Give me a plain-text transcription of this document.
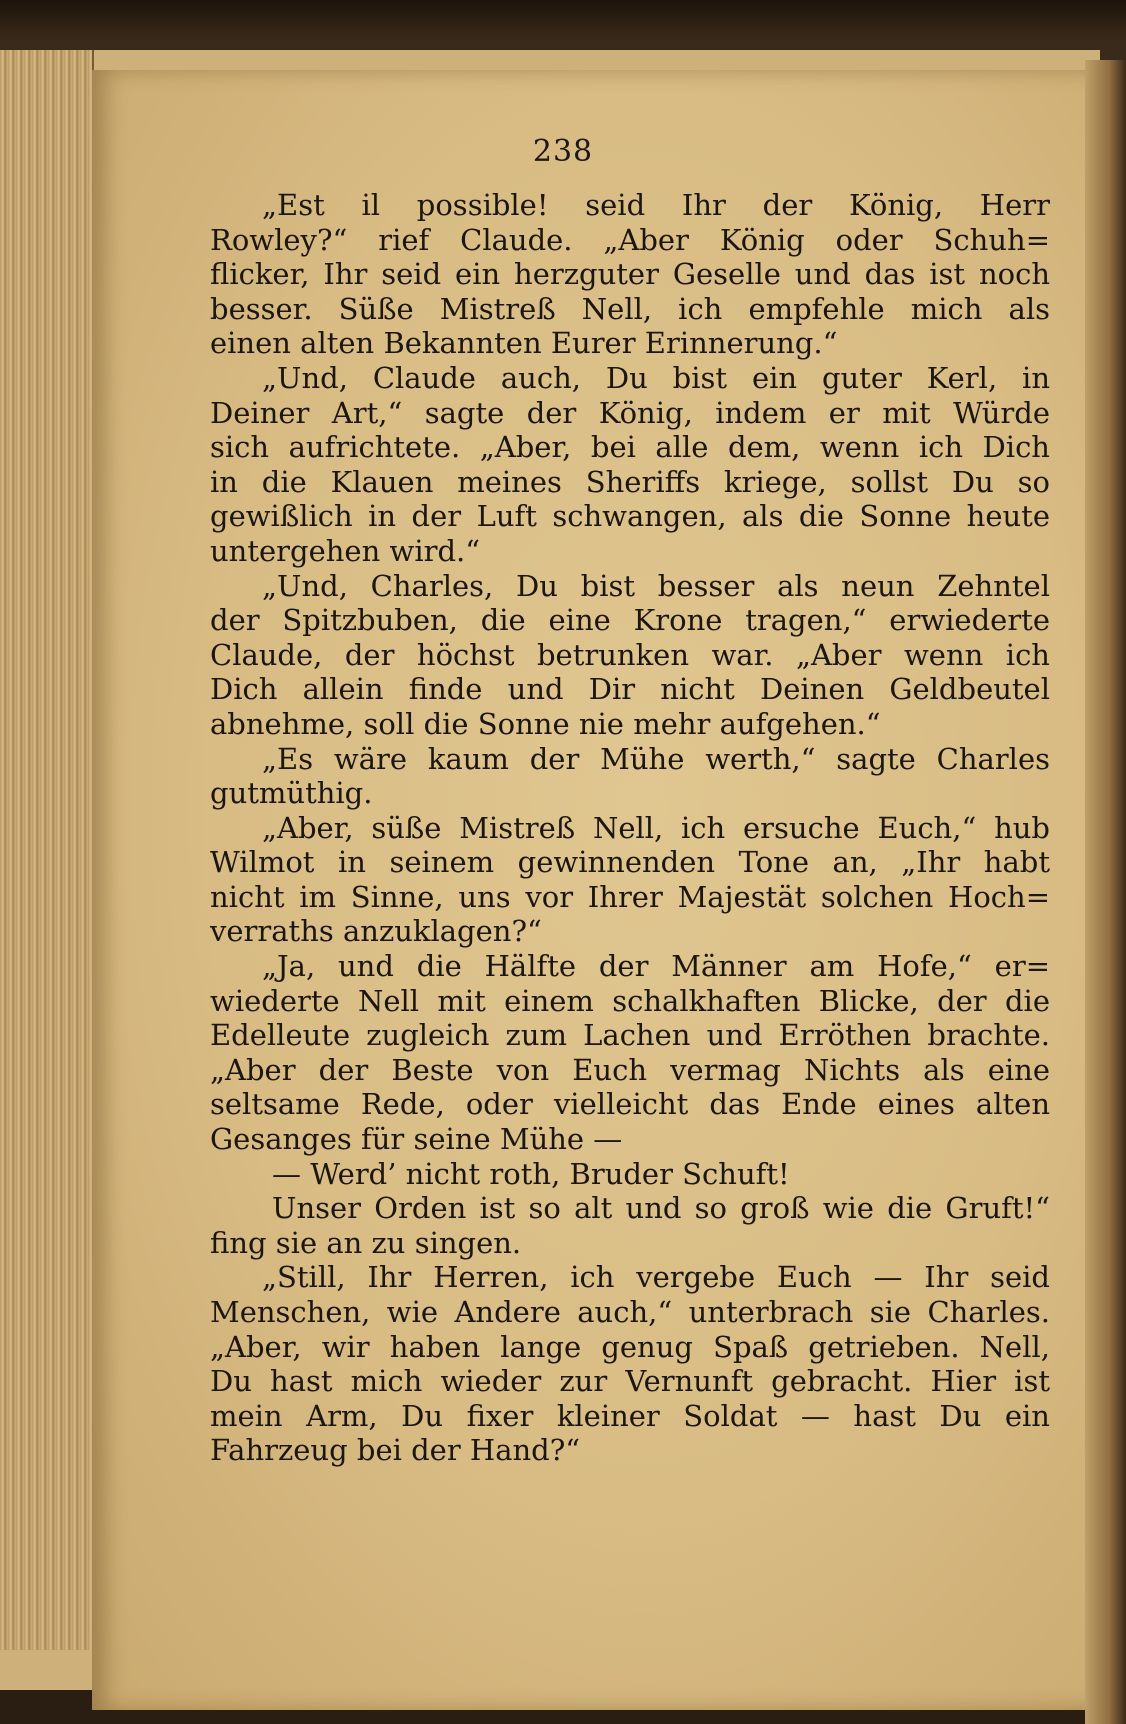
238
„Est il possible! seid Ihr der König, Herr
Rowley?“ rief Claude. „Aber König oder Schuh=
flicker, Ihr seid ein herzguter Geselle und das ist noch
besser. Süße Mistreß Nell, ich empfehle mich als
einen alten Bekannten Eurer Erinnerung.“
„Und, Claude auch, Du bist ein guter Kerl, in
Deiner Art,“ sagte der König, indem er mit Würde
sich aufrichtete. „Aber, bei alle dem, wenn ich Dich
in die Klauen meines Sheriffs kriege, sollst Du so
gewißlich in der Luft schwangen, als die Sonne heute
untergehen wird.“
„Und, Charles, Du bist besser als neun Zehntel
der Spitzbuben, die eine Krone tragen,“ erwiederte
Claude, der höchst betrunken war. „Aber wenn ich
Dich allein finde und Dir nicht Deinen Geldbeutel
abnehme, soll die Sonne nie mehr aufgehen.“
„Es wäre kaum der Mühe werth,“ sagte Charles
gutmüthig.
„Aber, süße Mistreß Nell, ich ersuche Euch,“ hub
Wilmot in seinem gewinnenden Tone an, „Ihr habt
nicht im Sinne, uns vor Ihrer Majestät solchen Hoch=
verraths anzuklagen?“
„Ja, und die Hälfte der Männer am Hofe,“ er=
wiederte Nell mit einem schalkhaften Blicke, der die
Edelleute zugleich zum Lachen und Erröthen brachte.
„Aber der Beste von Euch vermag Nichts als eine
seltsame Rede, oder vielleicht das Ende eines alten
Gesanges für seine Mühe —
— Werd’ nicht roth, Bruder Schuft!
Unser Orden ist so alt und so groß wie die Gruft!“
fing sie an zu singen.
„Still, Ihr Herren, ich vergebe Euch — Ihr seid
Menschen, wie Andere auch,“ unterbrach sie Charles.
„Aber, wir haben lange genug Spaß getrieben. Nell,
Du hast mich wieder zur Vernunft gebracht. Hier ist
mein Arm, Du fixer kleiner Soldat — hast Du ein
Fahrzeug bei der Hand?“
